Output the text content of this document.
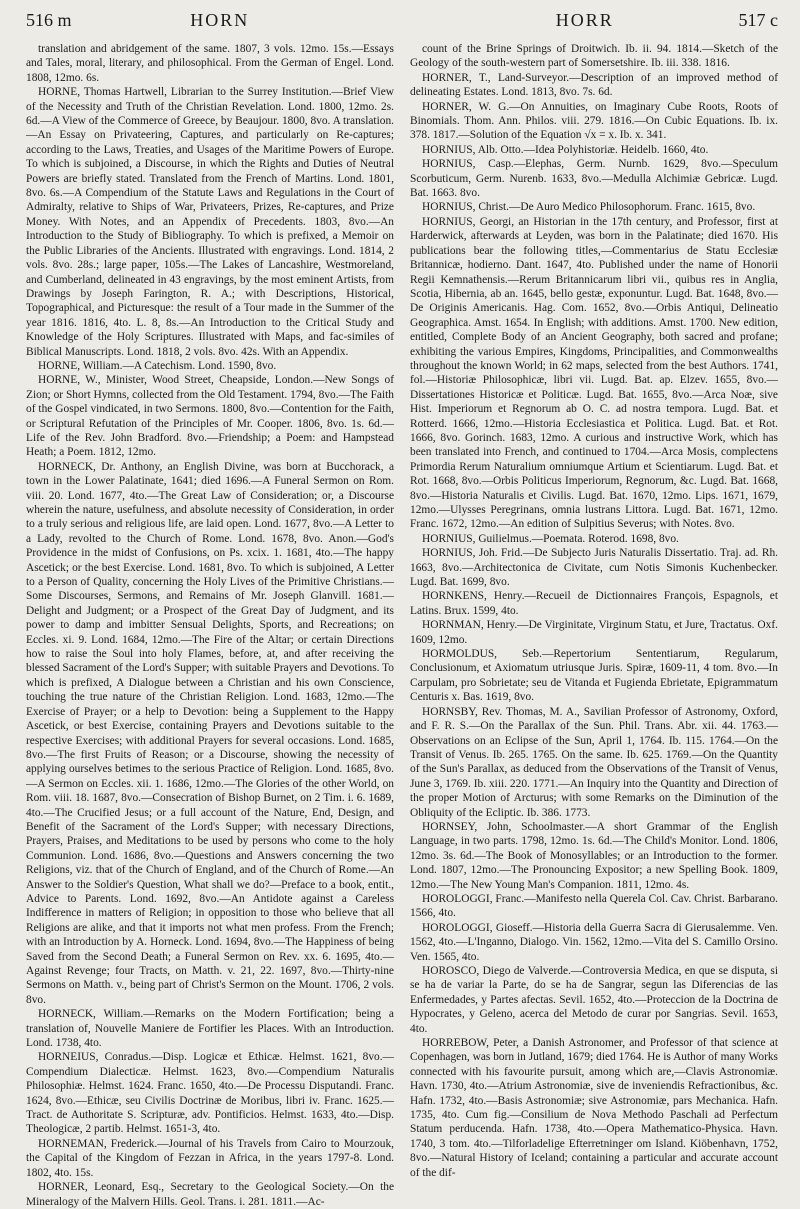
516 m	HORN	HORR	517 c

translation and abridgement of the same. 1807, 3 vols. 12mo. 15s.—Essays and Tales, moral, literary, and philosophical. From the German of Engel. Lond. 1808, 12mo. 6s.

HORNE, Thomas Hartwell, Librarian to the Surrey Institution.—Brief View of the Necessity and Truth of the Christian Revelation. Lond. 1800, 12mo. 2s. 6d.—A View of the Commerce of Greece, by Beaujour. 1800, 8vo. A translation.—An Essay on Privateering, Captures, and particularly on Re-captures; according to the Laws, Treaties, and Usages of the Maritime Powers of Europe. To which is subjoined, a Discourse, in which the Rights and Duties of Neutral Powers are briefly stated. Translated from the French of Martins. Lond. 1801, 8vo. 6s.—A Compendium of the Statute Laws and Regulations in the Court of Admiralty, relative to Ships of War, Privateers, Prizes, Re-captures, and Prize Money. With Notes, and an Appendix of Precedents. 1803, 8vo.—An Introduction to the Study of Bibliography. To which is prefixed, a Memoir on the Public Libraries of the Ancients. Illustrated with engravings. Lond. 1814, 2 vols. 8vo. 28s.; large paper, 105s.—The Lakes of Lancashire, Westmoreland, and Cumberland, delineated in 43 engravings, by the most eminent Artists, from Drawings by Joseph Farington, R. A.; with Descriptions, Historical, Topographical, and Picturesque: the result of a Tour made in the Summer of the year 1816. 1816, 4to. L. 8, 8s.—An Introduction to the Critical Study and Knowledge of the Holy Scriptures. Illustrated with Maps, and fac-similes of Biblical Manuscripts. Lond. 1818, 2 vols. 8vo. 42s. With an Appendix.

HORNE, William.—A Catechism. Lond. 1590, 8vo.

HORNE, W., Minister, Wood Street, Cheapside, London.—New Songs of Zion; or Short Hymns, collected from the Old Testament. 1794, 8vo.—The Faith of the Gospel vindicated, in two Sermons. 1800, 8vo.—Contention for the Faith, or Scriptural Refutation of the Principles of Mr. Cooper. 1806, 8vo. 1s. 6d.—Life of the Rev. John Bradford. 8vo.—Friendship; a Poem: and Hampstead Heath; a Poem. 1812, 12mo.

HORNECK, Dr. Anthony, an English Divine, was born at Bucchorack, a town in the Lower Palatinate, 1641; died 1696.—A Funeral Sermon on Rom. viii. 20. Lond. 1677, 4to.—The Great Law of Consideration; or, a Discourse wherein the nature, usefulness, and absolute necessity of Consideration, in order to a truly serious and religious life, are laid open. Lond. 1677, 8vo.—A Letter to a Lady, revolted to the Church of Rome. Lond. 1678, 8vo. Anon.—God's Providence in the midst of Confusions, on Ps. xcix. 1. 1681, 4to.—The happy Ascetick; or the best Exercise. Lond. 1681, 8vo. To which is subjoined, A Letter to a Person of Quality, concerning the Holy Lives of the Primitive Christians.—Some Discourses, Sermons, and Remains of Mr. Joseph Glanvill. 1681.—Delight and Judgment; or a Prospect of the Great Day of Judgment, and its power to damp and imbitter Sensual Delights, Sports, and Recreations; on Eccles. xi. 9. Lond. 1684, 12mo.—The Fire of the Altar; or certain Directions how to raise the Soul into holy Flames, before, at, and after receiving the blessed Sacrament of the Lord's Supper; with suitable Prayers and Devotions. To which is prefixed, A Dialogue between a Christian and his own Conscience, touching the true nature of the Christian Religion. Lond. 1683, 12mo.—The Exercise of Prayer; or a help to Devotion: being a Supplement to the Happy Ascetick, or best Exercise, containing Prayers and Devotions suitable to the respective Exercises; with additional Prayers for several occasions. Lond. 1685, 8vo.—The first Fruits of Reason; or a Discourse, showing the necessity of applying ourselves betimes to the serious Practice of Religion. Lond. 1685, 8vo.—A Sermon on Eccles. xii. 1. 1686, 12mo.—The Glories of the other World, on Rom. viii. 18. 1687, 8vo.—Consecration of Bishop Burnet, on 2 Tim. i. 6. 1689, 4to.—The Crucified Jesus; or a full account of the Nature, End, Design, and Benefit of the Sacrament of the Lord's Supper; with necessary Directions, Prayers, Praises, and Meditations to be used by persons who come to the holy Communion. Lond. 1686, 8vo.—Questions and Answers concerning the two Religions, viz. that of the Church of England, and of the Church of Rome.—An Answer to the Soldier's Question, What shall we do?—Preface to a book, entit., Advice to Parents. Lond. 1692, 8vo.—An Antidote against a Careless Indifference in matters of Religion; in opposition to those who believe that all Religions are alike, and that it imports not what men profess. From the French; with an Introduction by A. Horneck. Lond. 1694, 8vo.—The Happiness of being Saved from the Second Death; a Funeral Sermon on Rev. xx. 6. 1695, 4to.—Against Revenge; four Tracts, on Matth. v. 21, 22. 1697, 8vo.—Thirty-nine Sermons on Matth. v., being part of Christ's Sermon on the Mount. 1706, 2 vols. 8vo.

HORNECK, William.—Remarks on the Modern Fortification; being a translation of, Nouvelle Maniere de Fortifier les Places. With an Introduction. Lond. 1738, 4to.

HORNEIUS, Conradus.—Disp. Logicæ et Ethicæ. Helmst. 1621, 8vo.—Compendium Dialecticæ. Helmst. 1623, 8vo.—Compendium Naturalis Philosophiæ. Helmst. 1624. Franc. 1650, 4to.—De Processu Disputandi. Franc. 1624, 8vo.—Ethicæ, seu Civilis Doctrinæ de Moribus, libri iv. Franc. 1625.—Tract. de Authoritate S. Scripturæ, adv. Pontificios. Helmst. 1633, 4to.—Disp. Theologicæ, 2 partib. Helmst. 1651-3, 4to.

HORNEMAN, Frederick.—Journal of his Travels from Cairo to Mourzouk, the Capital of the Kingdom of Fezzan in Africa, in the years 1797-8. Lond. 1802, 4to. 15s.

HORNER, Leonard, Esq., Secretary to the Geological Society.—On the Mineralogy of the Malvern Hills. Geol. Trans. i. 281. 1811.—Ac-

count of the Brine Springs of Droitwich. Ib. ii. 94. 1814.—Sketch of the Geology of the south-western part of Somersetshire. Ib. iii. 338. 1816.

HORNER, T., Land-Surveyor.—Description of an improved method of delineating Estates. Lond. 1813, 8vo. 7s. 6d.

HORNER, W. G.—On Annuities, on Imaginary Cube Roots, Roots of Binomials. Thom. Ann. Philos. viii. 279. 1816.—On Cubic Equations. Ib. ix. 378. 1817.—Solution of the Equation √x = x. Ib. x. 341.

HORNIUS, Alb. Otto.—Idea Polyhistoriæ. Heidelb. 1660, 4to.

HORNIUS, Casp.—Elephas, Germ. Nurnb. 1629, 8vo.—Speculum Scorbuticum, Germ. Nurenb. 1633, 8vo.—Medulla Alchimiæ Gebricæ. Lugd. Bat. 1663. 8vo.

HORNIUS, Christ.—De Auro Medico Philosophorum. Franc. 1615, 8vo.

HORNIUS, Georgi, an Historian in the 17th century, and Professor, first at Harderwick, afterwards at Leyden, was born in the Palatinate; died 1670. His publications bear the following titles,—Commentarius de Statu Ecclesiæ Britannicæ, hodierno. Dant. 1647, 4to. Published under the name of Honorii Regii Kemnathensis.—Rerum Britannicarum libri vii., quibus res in Anglia, Scotia, Hibernia, ab an. 1645, bello gestæ, exponuntur. Lugd. Bat. 1648, 8vo.—De Originis Americanis. Hag. Com. 1652, 8vo.—Orbis Antiqui, Delineatio Geographica. Amst. 1654. In English; with additions. Amst. 1700. New edition, entitled, Complete Body of an Ancient Geography, both sacred and profane; exhibiting the various Empires, Kingdoms, Principalities, and Commonwealths throughout the known World; in 62 maps, selected from the best Authors. 1741, fol.—Historiæ Philosophicæ, libri vii. Lugd. Bat. ap. Elzev. 1655, 8vo.—Dissertationes Historicæ et Politicæ. Lugd. Bat. 1655, 8vo.—Arca Noæ, sive Hist. Imperiorum et Regnorum ab O. C. ad nostra tempora. Lugd. Bat. et Rotterd. 1666, 12mo.—Historia Ecclesiastica et Politica. Lugd. Bat. et Rot. 1666, 8vo. Gorinch. 1683, 12mo. A curious and instructive Work, which has been translated into French, and continued to 1704.—Arca Mosis, complectens Primordia Rerum Naturalium omniumque Artium et Scientiarum. Lugd. Bat. et Rot. 1668, 8vo.—Orbis Politicus Imperiorum, Regnorum, &c. Lugd. Bat. 1668, 8vo.—Historia Naturalis et Civilis. Lugd. Bat. 1670, 12mo. Lips. 1671, 1679, 12mo.—Ulysses Peregrinans, omnia lustrans Littora. Lugd. Bat. 1671, 12mo. Franc. 1672, 12mo.—An edition of Sulpitius Severus; with Notes. 8vo.

HORNIUS, Guilielmus.—Poemata. Roterod. 1698, 8vo.

HORNIUS, Joh. Frid.—De Subjecto Juris Naturalis Dissertatio. Traj. ad. Rh. 1663, 8vo.—Architectonica de Civitate, cum Notis Simonis Kuchenbecker. Lugd. Bat. 1699, 8vo.

HORNKENS, Henry.—Recueil de Dictionnaires François, Espagnols, et Latins. Brux. 1599, 4to.

HORNMAN, Henry.—De Virginitate, Virginum Statu, et Jure, Tractatus. Oxf. 1609, 12mo.

HORMOLDUS, Seb.—Repertorium Sententiarum, Regularum, Conclusionum, et Axiomatum utriusque Juris. Spiræ, 1609-11, 4 tom. 8vo.—In Carpulam, pro Sobrietate; seu de Vitanda et Fugienda Ebrietate, Epigrammatum Centuris x. Bas. 1619, 8vo.

HORNSBY, Rev. Thomas, M. A., Savilian Professor of Astronomy, Oxford, and F. R. S.—On the Parallax of the Sun. Phil. Trans. Abr. xii. 44. 1763.—Observations on an Eclipse of the Sun, April 1, 1764. Ib. 115. 1764.—On the Transit of Venus. Ib. 265. 1765. On the same. Ib. 625. 1769.—On the Quantity of the Sun's Parallax, as deduced from the Observations of the Transit of Venus, June 3, 1769. Ib. xiii. 220. 1771.—An Inquiry into the Quantity and Direction of the proper Motion of Arcturus; with some Remarks on the Diminution of the Obliquity of the Ecliptic. Ib. 386. 1773.

HORNSEY, John, Schoolmaster.—A short Grammar of the English Language, in two parts. 1798, 12mo. 1s. 6d.—The Child's Monitor. Lond. 1806, 12mo. 3s. 6d.—The Book of Monosyllables; or an Introduction to the former. Lond. 1807, 12mo.—The Pronouncing Expositor; a new Spelling Book. 1809, 12mo.—The New Young Man's Companion. 1811, 12mo. 4s.

HOROLOGGI, Franc.—Manifesto nella Querela Col. Cav. Christ. Barbarano. 1566, 4to.

HOROLOGGI, Gioseff.—Historia della Guerra Sacra di Gierusalemme. Ven. 1562, 4to.—L'Inganno, Dialogo. Vin. 1562, 12mo.—Vita del S. Camillo Orsino. Ven. 1565, 4to.

HOROSCO, Diego de Valverde.—Controversia Medica, en que se disputa, si se ha de variar la Parte, do se ha de Sangrar, segun las Diferencias de las Enfermedades, y Partes afectas. Sevil. 1652, 4to.—Proteccion de la Doctrina de Hypocrates, y Geleno, acerca del Metodo de curar por Sangrias. Sevil. 1653, 4to.

HORREBOW, Peter, a Danish Astronomer, and Professor of that science at Copenhagen, was born in Jutland, 1679; died 1764. He is Author of many Works connected with his favourite pursuit, among which are,—Clavis Astronomiæ. Havn. 1730, 4to.—Atrium Astronomiæ, sive de inveniendis Refractionibus, &c. Hafn. 1732, 4to.—Basis Astronomiæ; sive Astronomiæ, pars Mechanica. Hafn. 1735, 4to. Cum fig.—Consilium de Nova Methodo Paschali ad Perfectum Statum perducenda. Hafn. 1738, 4to.—Opera Mathematico-Physica. Havn. 1740, 3 tom. 4to.—Tilforladelige Efterretninger om Island. Kiöbenhavn, 1752, 8vo.—Natural History of Iceland; containing a particular and accurate account of the dif-
